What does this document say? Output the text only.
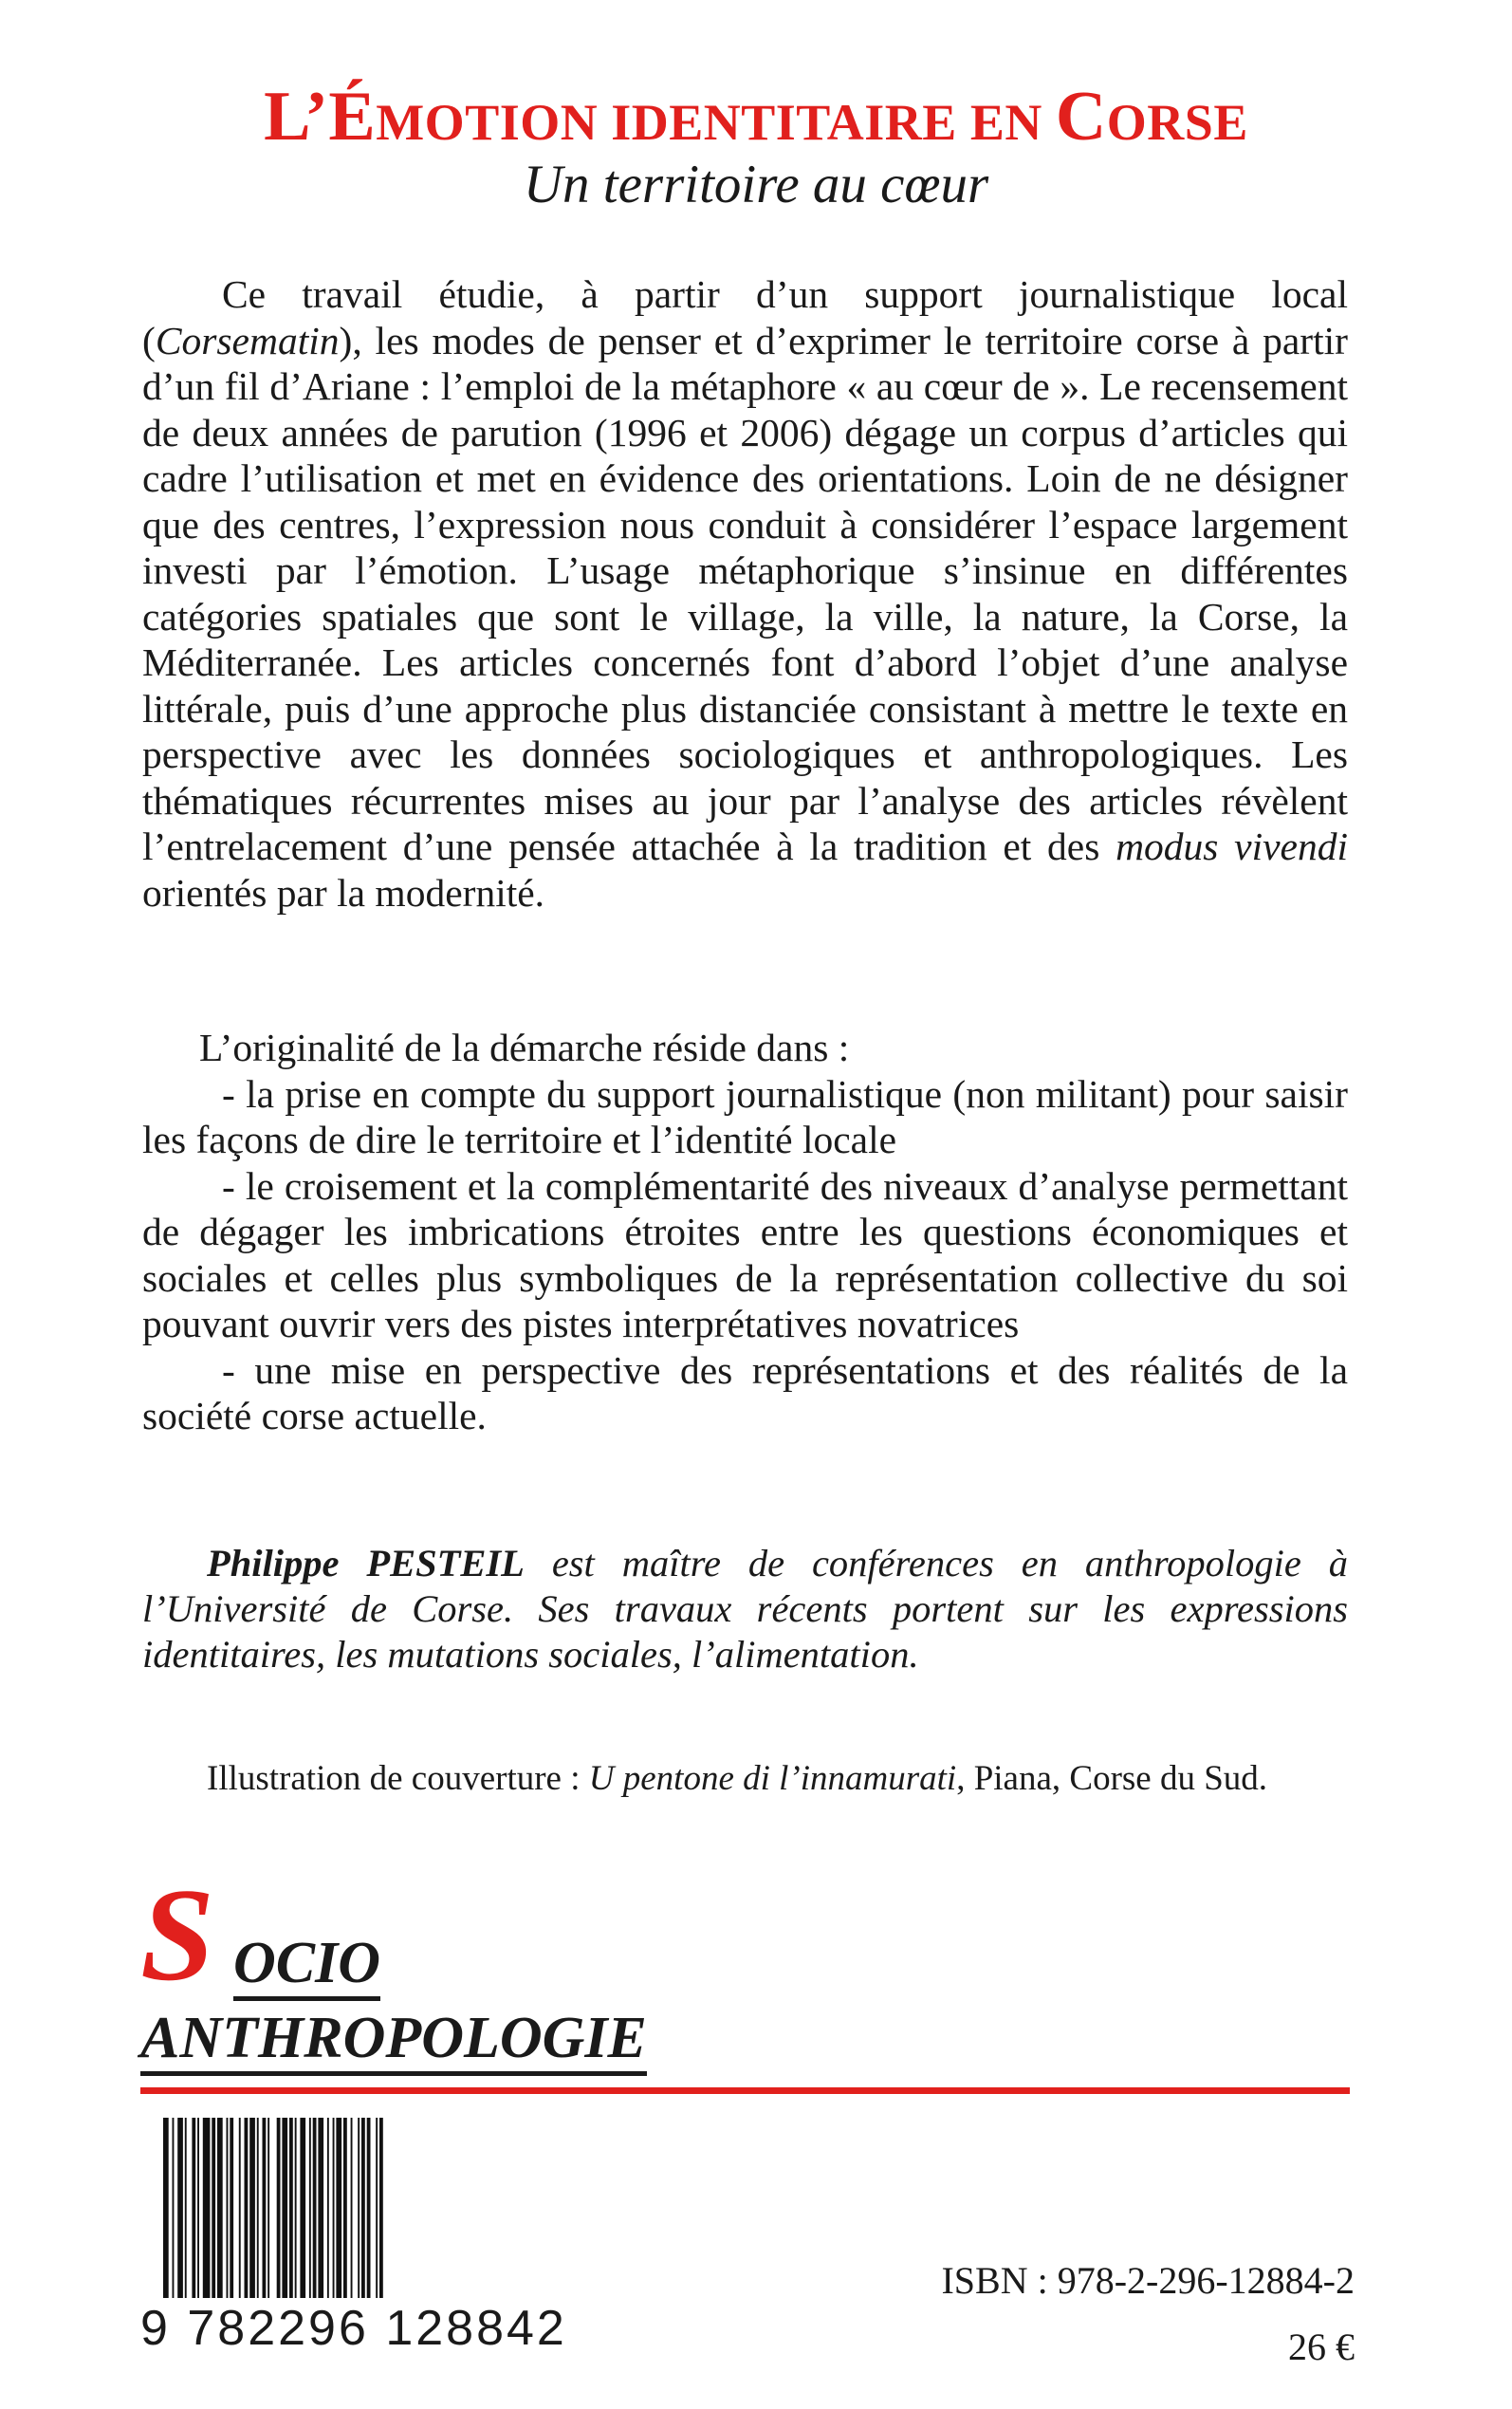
L’ÉMOTION IDENTITAIRE EN CORSE
Un territoire au cœur
Ce travail étudie, à partir d’un support journalistique local (Corsematin), les modes de penser et d’exprimer le territoire corse à partir d’un fil d’Ariane : l’emploi de la métaphore « au cœur de ». Le recensement de deux années de parution (1996 et 2006) dégage un corpus d’articles qui cadre l’utilisation et met en évidence des orientations. Loin de ne désigner que des centres, l’expression nous conduit à considérer l’espace largement investi par l’émotion. L’usage métaphorique s’insinue en différentes catégories spatiales que sont le village, la ville, la nature, la Corse, la Méditerranée. Les articles concernés font d’abord l’objet d’une analyse littérale, puis d’une approche plus distanciée consistant à mettre le texte en perspective avec les données sociologiques et anthropologiques. Les thématiques récurrentes mises au jour par l’analyse des articles révèlent l’entrelacement d’une pensée attachée à la tradition et des modus vivendi orientés par la modernité.

L’originalité de la démarche réside dans :

- la prise en compte du support journalistique (non militant) pour saisir les façons de dire le territoire et l’identité locale

- le croisement et la complémentarité des niveaux d’analyse permettant de dégager les imbrications étroites entre les questions économiques et sociales et celles plus symboliques de la représentation collective du soi pouvant ouvrir vers des pistes interprétatives novatrices

- une mise en perspective des représentations et des réalités de la société corse actuelle.

Philippe PESTEIL est maître de conférences en anthropologie à l’Université de Corse. Ses travaux récents portent sur les expressions identitaires, les mutations sociales, l’alimentation.
Illustration de couverture : U pentone di l’innamurati, Piana, Corse du Sud.
S OCIO
ANTHROPOLOGIE
9 782296 128842
ISBN : 978-2-296-12884-2
26 €
